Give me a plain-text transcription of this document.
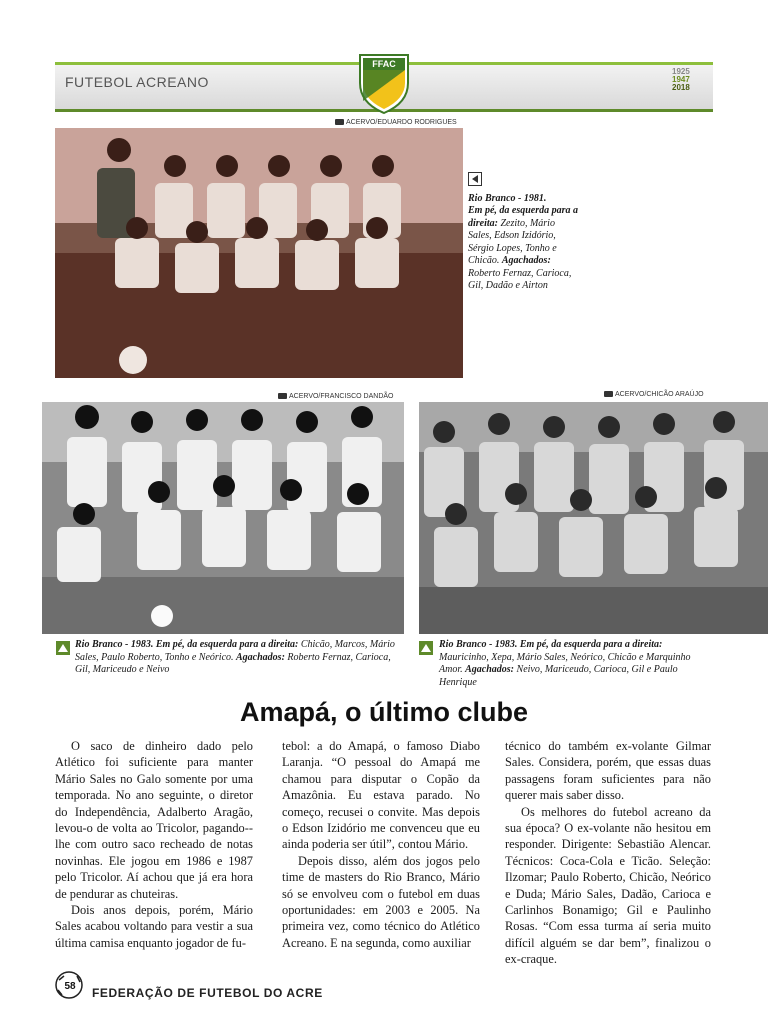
FUTEBOL ACREANO
FFAC
1925
1947
2018
ACERVO/EDUARDO RODRIGUES

Rio Branco - 1981.
Em pé, da esquerda para a direita: Zezito, Mário Sales, Edson Izidório, Sérgio Lopes, Tonho e Chicão. Agachados: Roberto Fernaz, Carioca, Gil, Dadão e Airton
ACERVO/FRANCISCO DANDÃO	ACERVO/CHICÃO ARAÚJO
Rio Branco - 1983. Em pé, da esquerda para a direita: Chicão, Marcos, Mário Sales, Paulo Roberto, Tonho e Neórico. Agachados: Roberto Fernaz, Carioca, Gil, Mariceudo e Neivo
Rio Branco - 1983. Em pé, da esquerda para a direita: Mauricinho, Xepa, Mário Sales, Neórico, Chicão e Marquinho Amor. Agachados: Neivo, Mariceudo, Carioca, Gil e Paulo Henrique
Amapá, o último clube

O saco de dinheiro dado pelo Atlético foi suficiente para manter Mário Sales no Galo somente por uma temporada. No ano seguinte, o diretor do Independência, Adalberto Aragão, levou-o de volta ao Tricolor, pagando--lhe com outro saco recheado de notas novinhas. Ele jogou em 1986 e 1987 pelo Tricolor. Aí achou que já era hora de pendurar as chuteiras.

Dois anos depois, porém, Mário Sales acabou voltando para vestir a sua última camisa enquanto jogador de fu-

tebol: a do Amapá, o famoso Diabo Laranja. “O pessoal do Amapá me chamou para disputar o Copão da Amazônia. Eu estava parado. No começo, recusei o convite. Mas depois o Edson Izidório me convenceu que eu ainda poderia ser útil”, contou Mário.

Depois disso, além dos jogos pelo time de masters do Rio Branco, Mário só se envolveu com o futebol em duas oportunidades: em 2003 e 2005. Na primeira vez, como técnico do Atlético Acreano. E na segunda, como auxiliar

técnico do também ex-volante Gilmar Sales. Considera, porém, que essas duas passagens foram suficientes para não querer mais saber disso.

Os melhores do futebol acreano da sua época? O ex-volante não hesitou em responder. Dirigente: Sebastião Alencar. Técnicos: Coca-Cola e Ticão. Seleção: Ilzomar; Paulo Roberto, Chicão, Neórico e Duda; Mário Sales, Dadão, Carioca e Carlinhos Bonamigo; Gil e Paulinho Rosas. “Com essa turma aí seria muito difícil alguém se dar bem”, finalizou o ex-craque.

58 FEDERAÇÃO DE FUTEBOL DO ACRE
